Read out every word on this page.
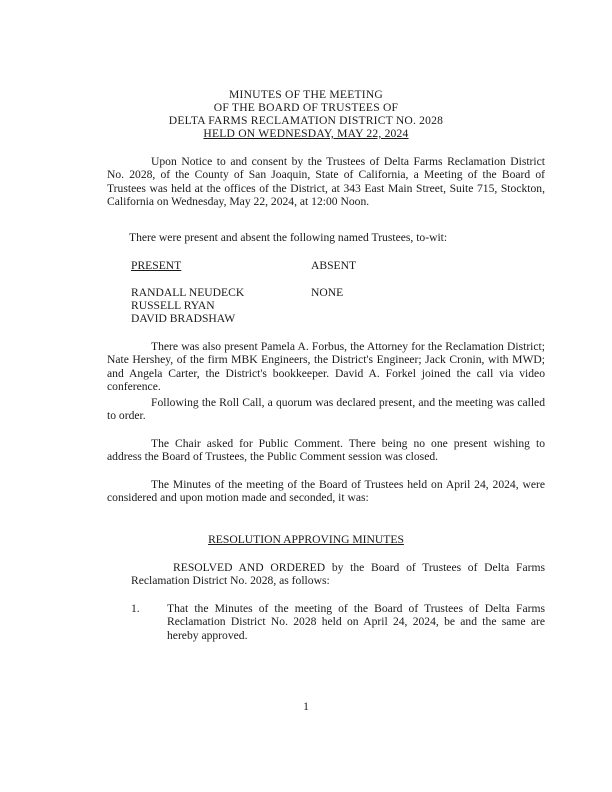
MINUTES OF THE MEETING
OF THE BOARD OF TRUSTEES OF
DELTA FARMS RECLAMATION DISTRICT NO. 2028
HELD ON WEDNESDAY, MAY 22, 2024
Upon Notice to and consent by the Trustees of Delta Farms Reclamation District No. 2028, of the County of San Joaquin, State of California, a Meeting of the Board of Trustees was held at the offices of the District, at 343 East Main Street, Suite 715, Stockton, California on Wednesday, May 22, 2024, at 12:00 Noon.
There were present and absent the following named Trustees, to-wit:
PRESENT	ABSENT
RANDALL NEUDECK	NONE
RUSSELL RYAN
DAVID BRADSHAW
There was also present Pamela A. Forbus, the Attorney for the Reclamation District; Nate Hershey, of the firm MBK Engineers, the District's Engineer; Jack Cronin, with MWD; and Angela Carter, the District's bookkeeper. David A. Forkel joined the call via video conference.
Following the Roll Call, a quorum was declared present, and the meeting was called to order.
The Chair asked for Public Comment. There being no one present wishing to address the Board of Trustees, the Public Comment session was closed.
The Minutes of the meeting of the Board of Trustees held on April 24, 2024, were considered and upon motion made and seconded, it was:
RESOLUTION APPROVING MINUTES
RESOLVED AND ORDERED by the Board of Trustees of Delta Farms Reclamation District No. 2028, as follows:
1. That the Minutes of the meeting of the Board of Trustees of Delta Farms Reclamation District No. 2028 held on April 24, 2024, be and the same are hereby approved.
1
